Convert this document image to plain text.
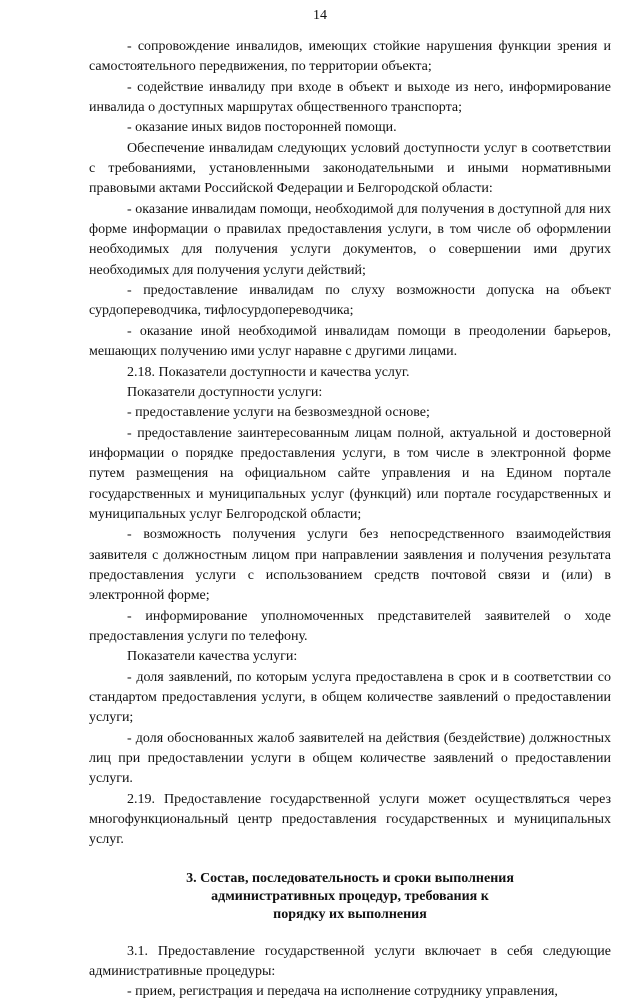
14

- сопровождение инвалидов, имеющих стойкие нарушения функции зрения и самостоятельного передвижения, по территории объекта;

- содействие инвалиду при входе в объект и выходе из него, информирование инвалида о доступных маршрутах общественного транспорта;

- оказание иных видов посторонней помощи.

Обеспечение инвалидам следующих условий доступности услуг в соответствии с требованиями, установленными законодательными и иными нормативными правовыми актами Российской Федерации и Белгородской области:

- оказание инвалидам помощи, необходимой для получения в доступной для них форме информации о правилах предоставления услуги, в том числе об оформлении необходимых для получения услуги документов, о совершении ими других необходимых для получения услуги действий;

- предоставление инвалидам по слуху возможности допуска на объект сурдопереводчика, тифлосурдопереводчика;

- оказание иной необходимой инвалидам помощи в преодолении барьеров, мешающих получению ими услуг наравне с другими лицами.

2.18. Показатели доступности и качества услуг.

Показатели доступности услуги:

- предоставление услуги на безвозмездной основе;

- предоставление заинтересованным лицам полной, актуальной и достоверной информации о порядке предоставления услуги, в том числе в электронной форме путем размещения на официальном сайте управления и на Едином портале государственных и муниципальных услуг (функций) или портале государственных и муниципальных услуг Белгородской области;

- возможность получения услуги без непосредственного взаимодействия заявителя с должностным лицом при направлении заявления и получения результата предоставления услуги с использованием средств почтовой связи и (или) в электронной форме;

- информирование уполномоченных представителей заявителей о ходе предоставления услуги по телефону.

Показатели качества услуги:

- доля заявлений, по которым услуга предоставлена в срок и в соответствии со стандартом предоставления услуги, в общем количестве заявлений о предоставлении услуги;

- доля обоснованных жалоб заявителей на действия (бездействие) должностных лиц при предоставлении услуги в общем количестве заявлений о предоставлении услуги.

2.19. Предоставление государственной услуги может осуществляться через многофункциональный центр предоставления государственных и муниципальных услуг.

3. Состав, последовательность и сроки выполнения
административных процедур, требования к
порядку их выполнения

3.1. Предоставление государственной услуги включает в себя следующие административные процедуры:

- прием, регистрация и передача на исполнение сотруднику управления,
